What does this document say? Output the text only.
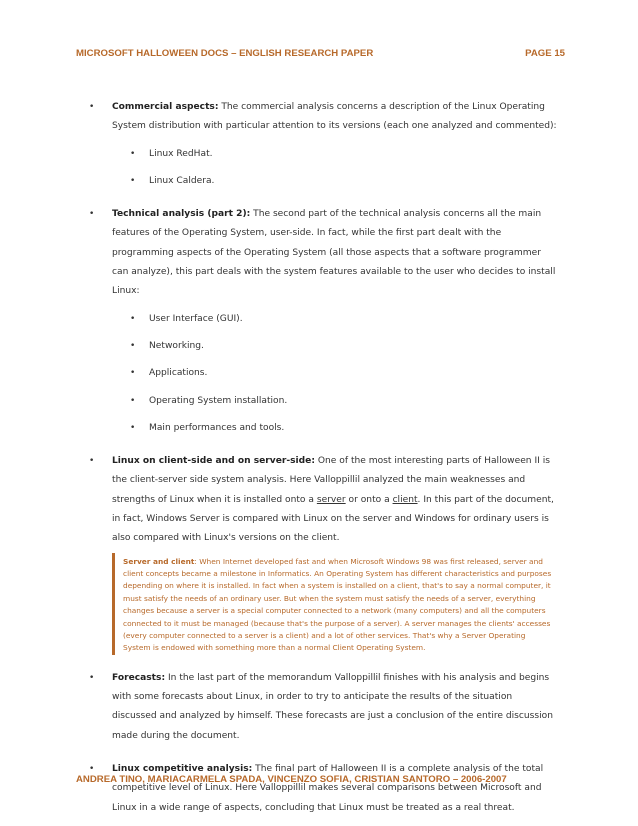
MICROSOFT HALLOWEEN DOCS – ENGLISH RESEARCH PAPER	PAGE 15
• Commercial aspects: The commercial analysis concerns a description of the Linux Operating System distribution with particular attention to its versions (each one analyzed and commented):
• Linux RedHat.
• Linux Caldera.
• Technical analysis (part 2): The second part of the technical analysis concerns all the main features of the Operating System, user-side. In fact, while the first part dealt with the programming aspects of the Operating System (all those aspects that a software programmer can analyze), this part deals with the system features available to the user who decides to install Linux:
• User Interface (GUI).
• Networking.
• Applications.
• Operating System installation.
• Main performances and tools.
• Linux on client-side and on server-side: One of the most interesting parts of Halloween II is the client-server side system analysis. Here Valloppillil analyzed the main weaknesses and strengths of Linux when it is installed onto a server or onto a client. In this part of the document, in fact, Windows Server is compared with Linux on the server and Windows for ordinary users is also compared with Linux's versions on the client.
Server and client: When Internet developed fast and when Microsoft Windows 98 was first released, server and client concepts became a milestone in Informatics. An Operating System has different characteristics and purposes depending on where it is installed. In fact when a system is installed on a client, that's to say a normal computer, it must satisfy the needs of an ordinary user. But when the system must satisfy the needs of a server, everything changes because a server is a special computer connected to a network (many computers) and all the computers connected to it must be managed (because that's the purpose of a server). A server manages the clients' accesses (every computer connected to a server is a client) and a lot of other services. That's why a Server Operating System is endowed with something more than a normal Client Operating System.
• Forecasts: In the last part of the memorandum Valloppillil finishes with his analysis and begins with some forecasts about Linux, in order to try to anticipate the results of the situation discussed and analyzed by himself. These forecasts are just a conclusion of the entire discussion made during the document.
• Linux competitive analysis: The final part of Halloween II is a complete analysis of the total competitive level of Linux. Here Valloppillil makes several comparisons between Microsoft and Linux in a wide range of aspects, concluding that Linux must be treated as a real threat.
ANDREA TINO, MARIACARMELA SPADA, VINCENZO SOFIA, CRISTIAN SANTORO – 2006-2007
